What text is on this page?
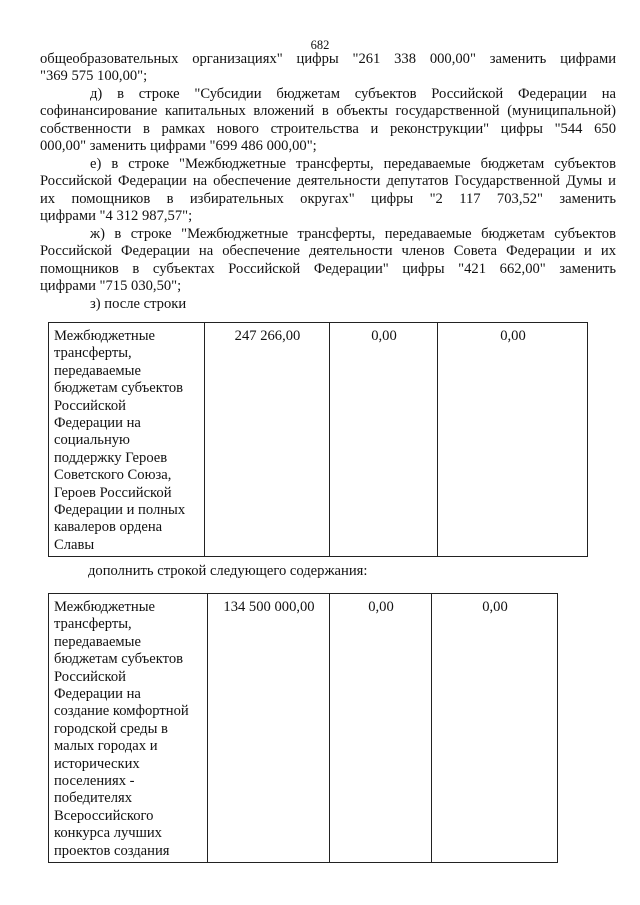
682
общеобразовательных организациях" цифры "261 338 000,00" заменить цифрами
"369 575 100,00";
д) в строке "Субсидии бюджетам субъектов Российской Федерации на
софинансирование капитальных вложений в объекты государственной (муниципальной)
собственности в рамках нового строительства и реконструкции" цифры "544 650
000,00" заменить цифрами "699 486 000,00";
е) в строке "Межбюджетные трансферты, передаваемые бюджетам субъектов
Российской Федерации на обеспечение деятельности депутатов Государственной Думы и
их помощников в избирательных округах" цифры "2 117 703,52" заменить
цифрами "4 312 987,57";
ж) в строке "Межбюджетные трансферты, передаваемые бюджетам субъектов
Российской Федерации на обеспечение деятельности членов Совета Федерации и их
помощников в субъектах Российской Федерации" цифры "421 662,00" заменить
цифрами "715 030,50";
з) после строки
Межбюджетные
трансферты,
передаваемые
бюджетам субъектов
Российской
Федерации на
социальную
поддержку Героев
Советского Союза,
Героев Российской
Федерации и полных
кавалеров ордена
Славы
	247 266,00	0,00	0,00
дополнить строкой следующего содержания:
Межбюджетные
трансферты,
передаваемые
бюджетам субъектов
Российской
Федерации на
создание комфортной
городской среды в
малых городах и
исторических
поселениях -
победителях
Всероссийского
конкурса лучших
проектов создания
	134 500 000,00	0,00	0,00
